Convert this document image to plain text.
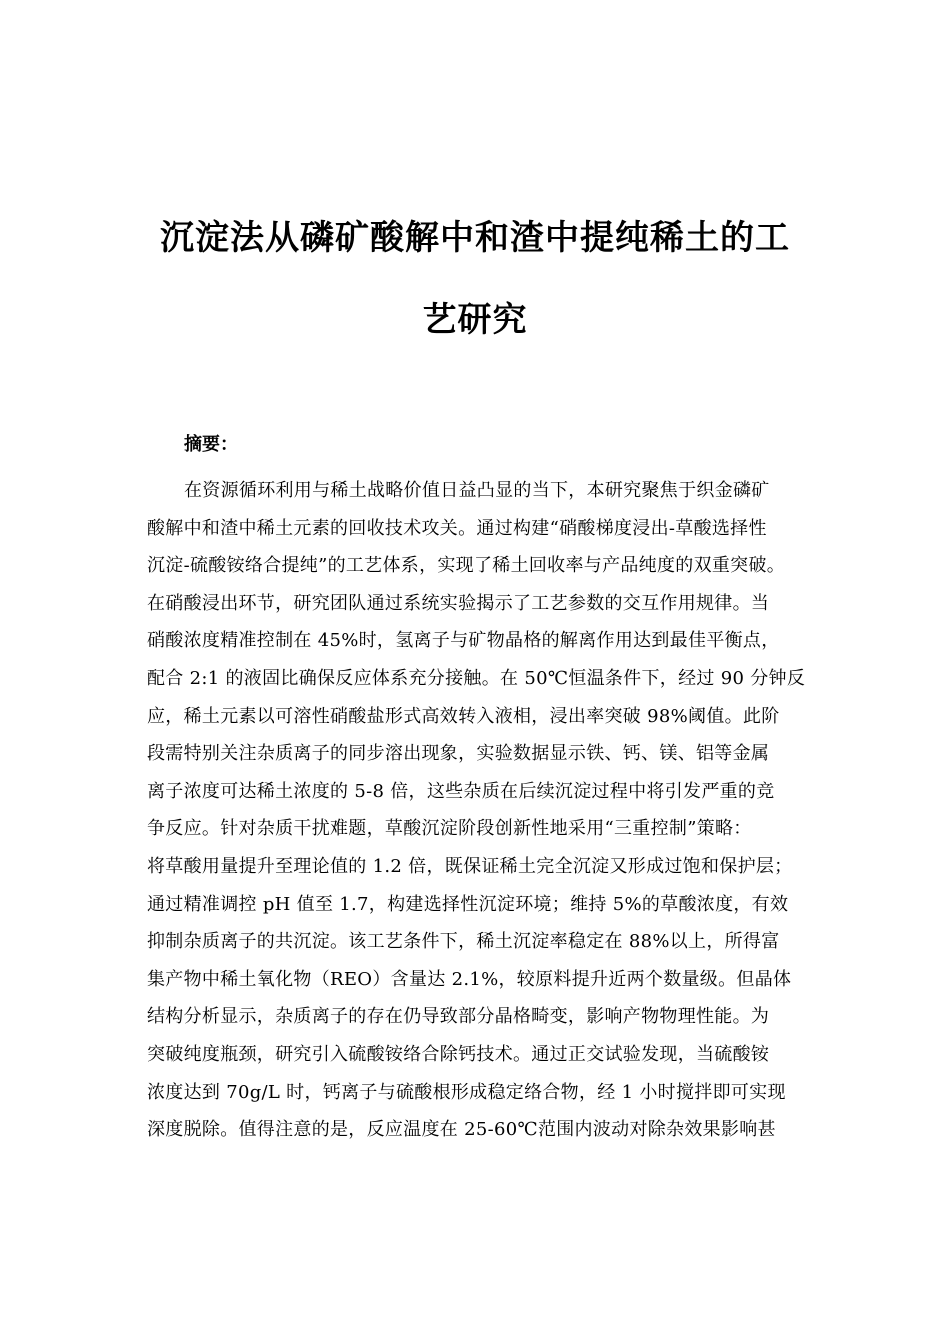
沉淀法从磷矿酸解中和渣中提纯稀土的工
艺研究
摘要：
在资源循环利用与稀土战略价值日益凸显的当下，本研究聚焦于织金磷矿
酸解中和渣中稀土元素的回收技术攻关。通过构建“硝酸梯度浸出-草酸选择性
沉淀-硫酸铵络合提纯”的工艺体系，实现了稀土回收率与产品纯度的双重突破。
在硝酸浸出环节，研究团队通过系统实验揭示了工艺参数的交互作用规律。当
硝酸浓度精准控制在 45%时，氢离子与矿物晶格的解离作用达到最佳平衡点，
配合 2:1 的液固比确保反应体系充分接触。在 50℃恒温条件下，经过 90 分钟反
应，稀土元素以可溶性硝酸盐形式高效转入液相，浸出率突破 98%阈值。此阶
段需特别关注杂质离子的同步溶出现象，实验数据显示铁、钙、镁、铝等金属
离子浓度可达稀土浓度的 5-8 倍，这些杂质在后续沉淀过程中将引发严重的竞
争反应。针对杂质干扰难题，草酸沉淀阶段创新性地采用“三重控制”策略：
将草酸用量提升至理论值的 1.2 倍，既保证稀土完全沉淀又形成过饱和保护层；
通过精准调控 pH 值至 1.7，构建选择性沉淀环境；维持 5%的草酸浓度，有效
抑制杂质离子的共沉淀。该工艺条件下，稀土沉淀率稳定在 88%以上，所得富
集产物中稀土氧化物（REO）含量达 2.1%，较原料提升近两个数量级。但晶体
结构分析显示，杂质离子的存在仍导致部分晶格畸变，影响产物物理性能。为
突破纯度瓶颈，研究引入硫酸铵络合除钙技术。通过正交试验发现，当硫酸铵
浓度达到 70g/L 时，钙离子与硫酸根形成稳定络合物，经 1 小时搅拌即可实现
深度脱除。值得注意的是，反应温度在 25-60℃范围内波动对除杂效果影响甚
